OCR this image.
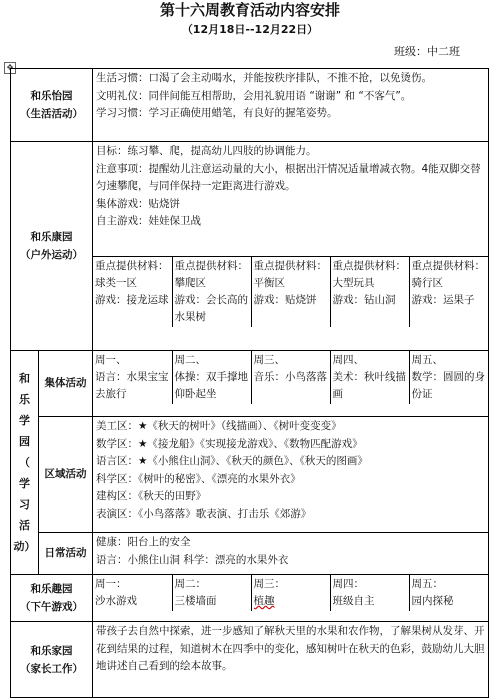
第十六周教育活动内容安排
（12月18日--12月22日）
班级：中二班
✥
和乐怡园
（生活活动）

生活习惯：口渴了会主动喝水，并能按秩序排队，不推不抢，以免烫伤。
文明礼仪：同伴间能互相帮助，会用礼貌用语 “谢谢” 和 “不客气”。
学习习惯：学习正确使用蜡笔，有良好的握笔姿势。

和乐康园
（户外运动）

目标：练习攀、爬，提高幼儿四肢的协调能力。
注意事项：提醒幼儿注意运动量的大小，根据出汗情况适量增减衣物。4能双脚交替匀速攀爬，与同伴保持一定距离进行游戏。
集体游戏：贴烧饼
自主游戏：娃娃保卫战

重点提供材料：
球类一区
游戏：接龙运球

重点提供材料：
攀爬区
游戏：会长高的水果树

重点提供材料：
平衡区
游戏：贴烧饼

重点提供材料：
大型玩具
游戏：钻山洞

重点提供材料：
骑行区
游戏：运果子

和
乐
学
园
（
学
习
活
动）
	集体活动	
周一、
语言：水果宝宝去旅行

周二、
体操：双手撑地仰卧起坐

周三、
音乐：小鸟落落

周四、
美术：秋叶线描画

周五、
数学：圆圆的身份证

区域活动	
美工区：★《秋天的树叶》（线描画）、《树叶变变变》
数学区：★《接龙船》《实现接龙游戏》、《数物匹配游戏》
语言区：★《小熊住山洞》、《秋天的颜色》、《秋天的图画》
科学区：《树叶的秘密》、《漂亮的水果外衣》
建构区：《秋天的田野》
表演区：《小鸟落落》歌表演、打击乐《郊游》

日常活动	
健康：阳台上的安全
语言：小熊住山洞 科学：漂亮的水果外衣

和乐趣园
（下午游戏）

周一：
沙水游戏

周二：
三楼墙面

周三：
植趣

周四：
班级自主

周五：
园内探秘

和乐家园
（家长工作）

带孩子去自然中探索，进一步感知了解秋天里的水果和农作物，了解果树从发芽、开花到结果的过程，知道树木在四季中的变化，感知树叶在秋天的色彩，鼓励幼儿大胆地讲述自己看到的绘本故事。
